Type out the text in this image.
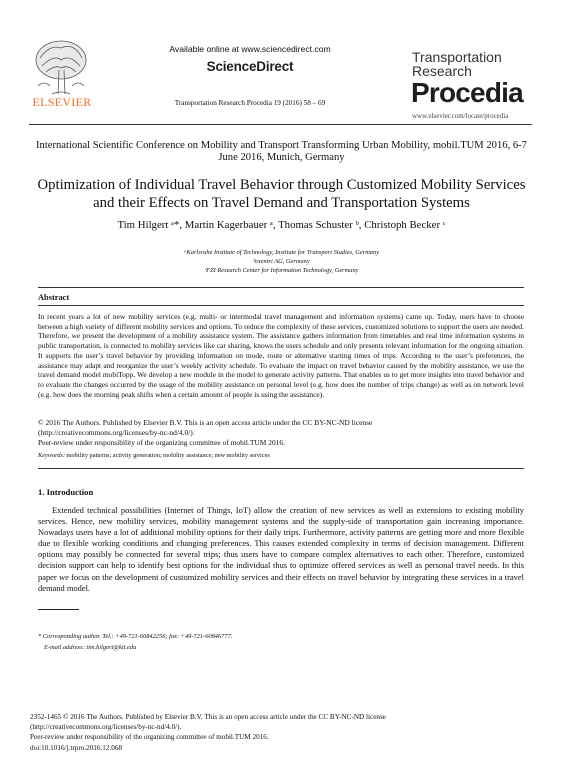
ELSEVIER
Available online at www.sciencedirect.com
ScienceDirect
Transportation Research Procedia 19 (2016) 58 – 69
Transportation
Research
Procedia
www.elsevier.com/locate/procedia
International Scientific Conference on Mobility and Transport Transforming Urban Mobility, mobil.TUM 2016, 6-7 June 2016, Munich, Germany
Optimization of Individual Travel Behavior through Customized Mobility Services and their Effects on Travel Demand and Transportation Systems
Tim Hilgert ᵃ*, Martin Kagerbauer ᵃ, Thomas Schuster ᵇ, Christoph Becker ᶜ
ᵃKarlsruhe Institute of Technology, Institute for Transport Studies, Germany
ᵇexentri AG, Germany
ᶜFZI Research Center for Information Technology, Germany
Abstract
In recent years a lot of new mobility services (e.g. multi- or intermodal travel management and information systems) came up. Today, users have to choose between a high variety of different mobility services and options. To reduce the complexity of these services, customized solutions to support the users are needed. Therefore, we present the development of a mobility assistance system. The assistance gathers information from timetables and real time information systems in public transportation, is connected to mobility services like car sharing, knows the users schedule and only presents relevant information for the ongoing situation. It supports the user’s travel behavior by providing information on mode, route or alternative starting times of trips. According to the user’s preferences, the assistance may adapt and reorganize the user’s weekly activity schedule. To evaluate the impact on travel behavior caused by the mobility assistance, we use the travel demand model mobiTopp. We develop a new module in the model to generate activity patterns. That enables us to get more insights into travel behavior and to evaluate the changes occurred by the usage of the mobility assistance on personal level (e.g. how does the number of trips change) as well as on network level (e.g. how does the morning peak shifts when a certain amount of people is using the assistance).
© 2016 The Authors. Published by Elsevier B.V. This is an open access article under the CC BY-NC-ND license
(http://creativecommons.org/licenses/by-nc-nd/4.0/).
Peer-review under responsibility of the organizing committee of mobil.TUM 2016.
Keywords: mobility patterns; activity generation; mobility assistance; new mobility services
1. Introduction
Extended technical possibilities (Internet of Things, IoT) allow the creation of new services as well as extensions to existing mobility services. Hence, new mobility services, mobility management systems and the supply-side of transportation gain increasing importance. Nowadays users have a lot of additional mobility options for their daily trips. Furthermore, activity patterns are getting more and more flexible due to flexible working conditions and changing preferences. This causes extended complexity in terms of decision management. Different options may possibly be connected for several trips; thus users have to compare complex alternatives to each other. Therefore, customized decision support can help to identify best options for the individual thus to optimize offered services as well as personal travel needs. In this paper we focus on the development of customized mobility services and their effects on travel behavior by integrating these services in a travel demand model.
* Corresponding author. Tel.: +49-721-60842256; fax: +49-721-60846777.
E-mail address: tim.hilgert@kit.edu
2352-1465 © 2016 The Authors. Published by Elsevier B.V. This is an open access article under the CC BY-NC-ND license
(http://creativecommons.org/licenses/by-nc-nd/4.0/).
Peer-review under responsibility of the organizing committee of mobil.TUM 2016.
doi:10.1016/j.trpro.2016.12.068
